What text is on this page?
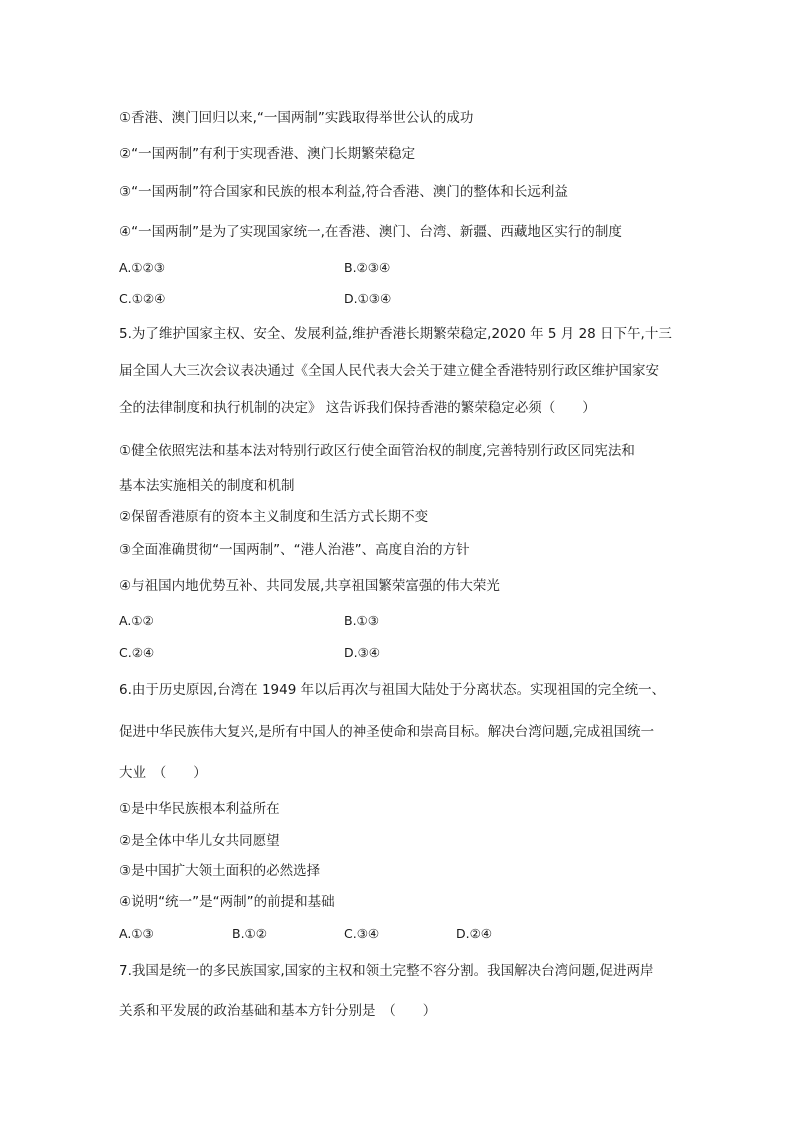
①香港、澳门回归以来,“一国两制”实践取得举世公认的成功
②“一国两制”有利于实现香港、澳门长期繁荣稳定
③“一国两制”符合国家和民族的根本利益,符合香港、澳门的整体和长远利益
④“一国两制”是为了实现国家统一,在香港、澳门、台湾、新疆、西藏地区实行的制度
A.①②③	B.②③④
C.①②④	D.①③④
5.为了维护国家主权、安全、发展利益,维护香港长期繁荣稳定,2020 年 5 月 28 日下午,十三
届全国人大三次会议表决通过《全国人民代表大会关于建立健全香港特别行政区维护国家安
全的法律制度和执行机制的决定》 这告诉我们保持香港的繁荣稳定必须（　　）
①健全依照宪法和基本法对特别行政区行使全面管治权的制度,完善特别行政区同宪法和
基本法实施相关的制度和机制
②保留香港原有的资本主义制度和生活方式长期不变
③全面准确贯彻“一国两制”、“港人治港”、高度自治的方针
④与祖国内地优势互补、共同发展,共享祖国繁荣富强的伟大荣光
A.①②	B.①③
C.②④	D.③④
6.由于历史原因,台湾在 1949 年以后再次与祖国大陆处于分离状态。实现祖国的完全统一、
促进中华民族伟大复兴,是所有中国人的神圣使命和崇高目标。解决台湾问题,完成祖国统一
大业　（　　）
①是中华民族根本利益所在
②是全体中华儿女共同愿望
③是中国扩大领土面积的必然选择
④说明“统一”是“两制”的前提和基础
A.①③	B.①②	C.③④	D.②④
7.我国是统一的多民族国家,国家的主权和领土完整不容分割。我国解决台湾问题,促进两岸
关系和平发展的政治基础和基本方针分别是　（　　）
